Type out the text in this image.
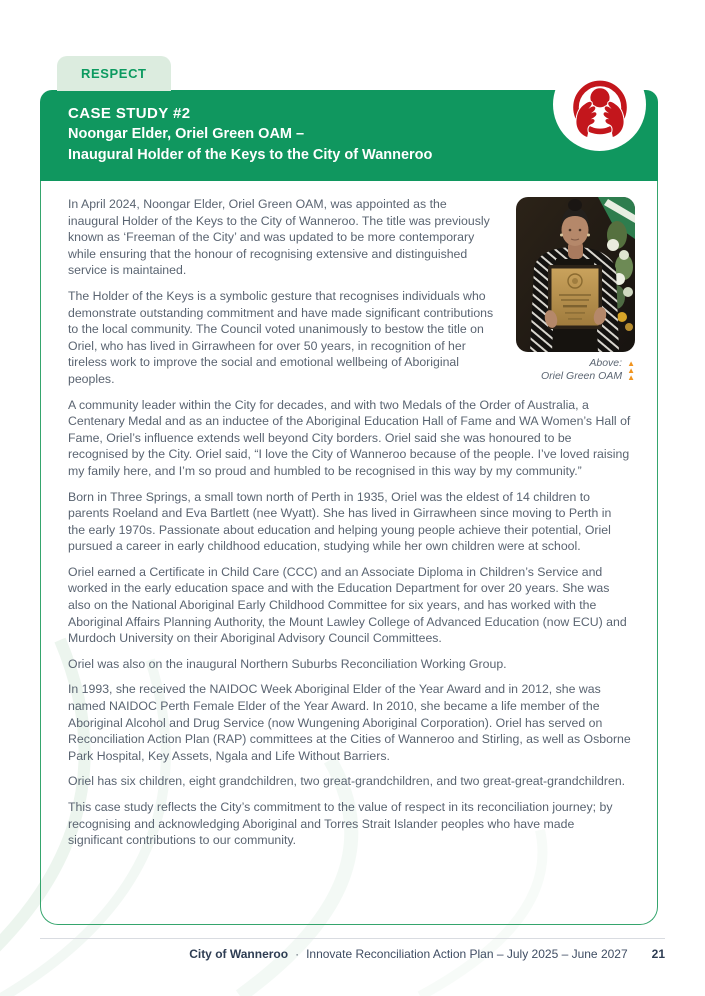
RESPECT
CASE STUDY #2
Noongar Elder, Oriel Green OAM –
Inaugural Holder of the Keys to the City of Wanneroo
Above:
Oriel Green OAM
▲
▲
▲

In April 2024, Noongar Elder, Oriel Green OAM, was appointed as the inaugural Holder of the Keys to the City of Wanneroo. The title was previously known as ‘Freeman of the City’ and was updated to be more contemporary while ensuring that the honour of recognising extensive and distinguished service is maintained.

The Holder of the Keys is a symbolic gesture that recognises individuals who demonstrate outstanding commitment and have made significant contributions to the local community. The Council voted unanimously to bestow the title on Oriel, who has lived in Girrawheen for over 50 years, in recognition of her tireless work to improve the social and emotional wellbeing of Aboriginal peoples.

A community leader within the City for decades, and with two Medals of the Order of Australia, a Centenary Medal and as an inductee of the Aboriginal Education Hall of Fame and WA Women’s Hall of Fame, Oriel’s influence extends well beyond City borders. Oriel said she was honoured to be recognised by the City. Oriel said, “I love the City of Wanneroo because of the people. I’ve loved raising my family here, and I’m so proud and humbled to be recognised in this way by my community.”

Born in Three Springs, a small town north of Perth in 1935, Oriel was the eldest of 14 children to parents Roeland and Eva Bartlett (nee Wyatt). She has lived in Girrawheen since moving to Perth in the early 1970s. Passionate about education and helping young people achieve their potential, Oriel pursued a career in early childhood education, studying while her own children were at school.

Oriel earned a Certificate in Child Care (CCC) and an Associate Diploma in Children’s Service and worked in the early education space and with the Education Department for over 20 years. She was also on the National Aboriginal Early Childhood Committee for six years, and has worked with the Aboriginal Affairs Planning Authority, the Mount Lawley College of Advanced Education (now ECU) and Murdoch University on their Aboriginal Advisory Council Committees.

Oriel was also on the inaugural Northern Suburbs Reconciliation Working Group.

In 1993, she received the NAIDOC Week Aboriginal Elder of the Year Award and in 2012, she was named NAIDOC Perth Female Elder of the Year Award. In 2010, she became a life member of the Aboriginal Alcohol and Drug Service (now Wungening Aboriginal Corporation). Oriel has served on Reconciliation Action Plan (RAP) committees at the Cities of Wanneroo and Stirling, as well as Osborne Park Hospital, Key Assets, Ngala and Life Without Barriers.

Oriel has six children, eight grandchildren, two great-grandchildren, and two great-great-grandchildren.

This case study reflects the City’s commitment to the value of respect in its reconciliation journey; by recognising and acknowledging Aboriginal and Torres Strait Islander peoples who have made significant contributions to our community.

City of Wanneroo · Innovate Reconciliation Action Plan – July 2025 – June 2027 21
